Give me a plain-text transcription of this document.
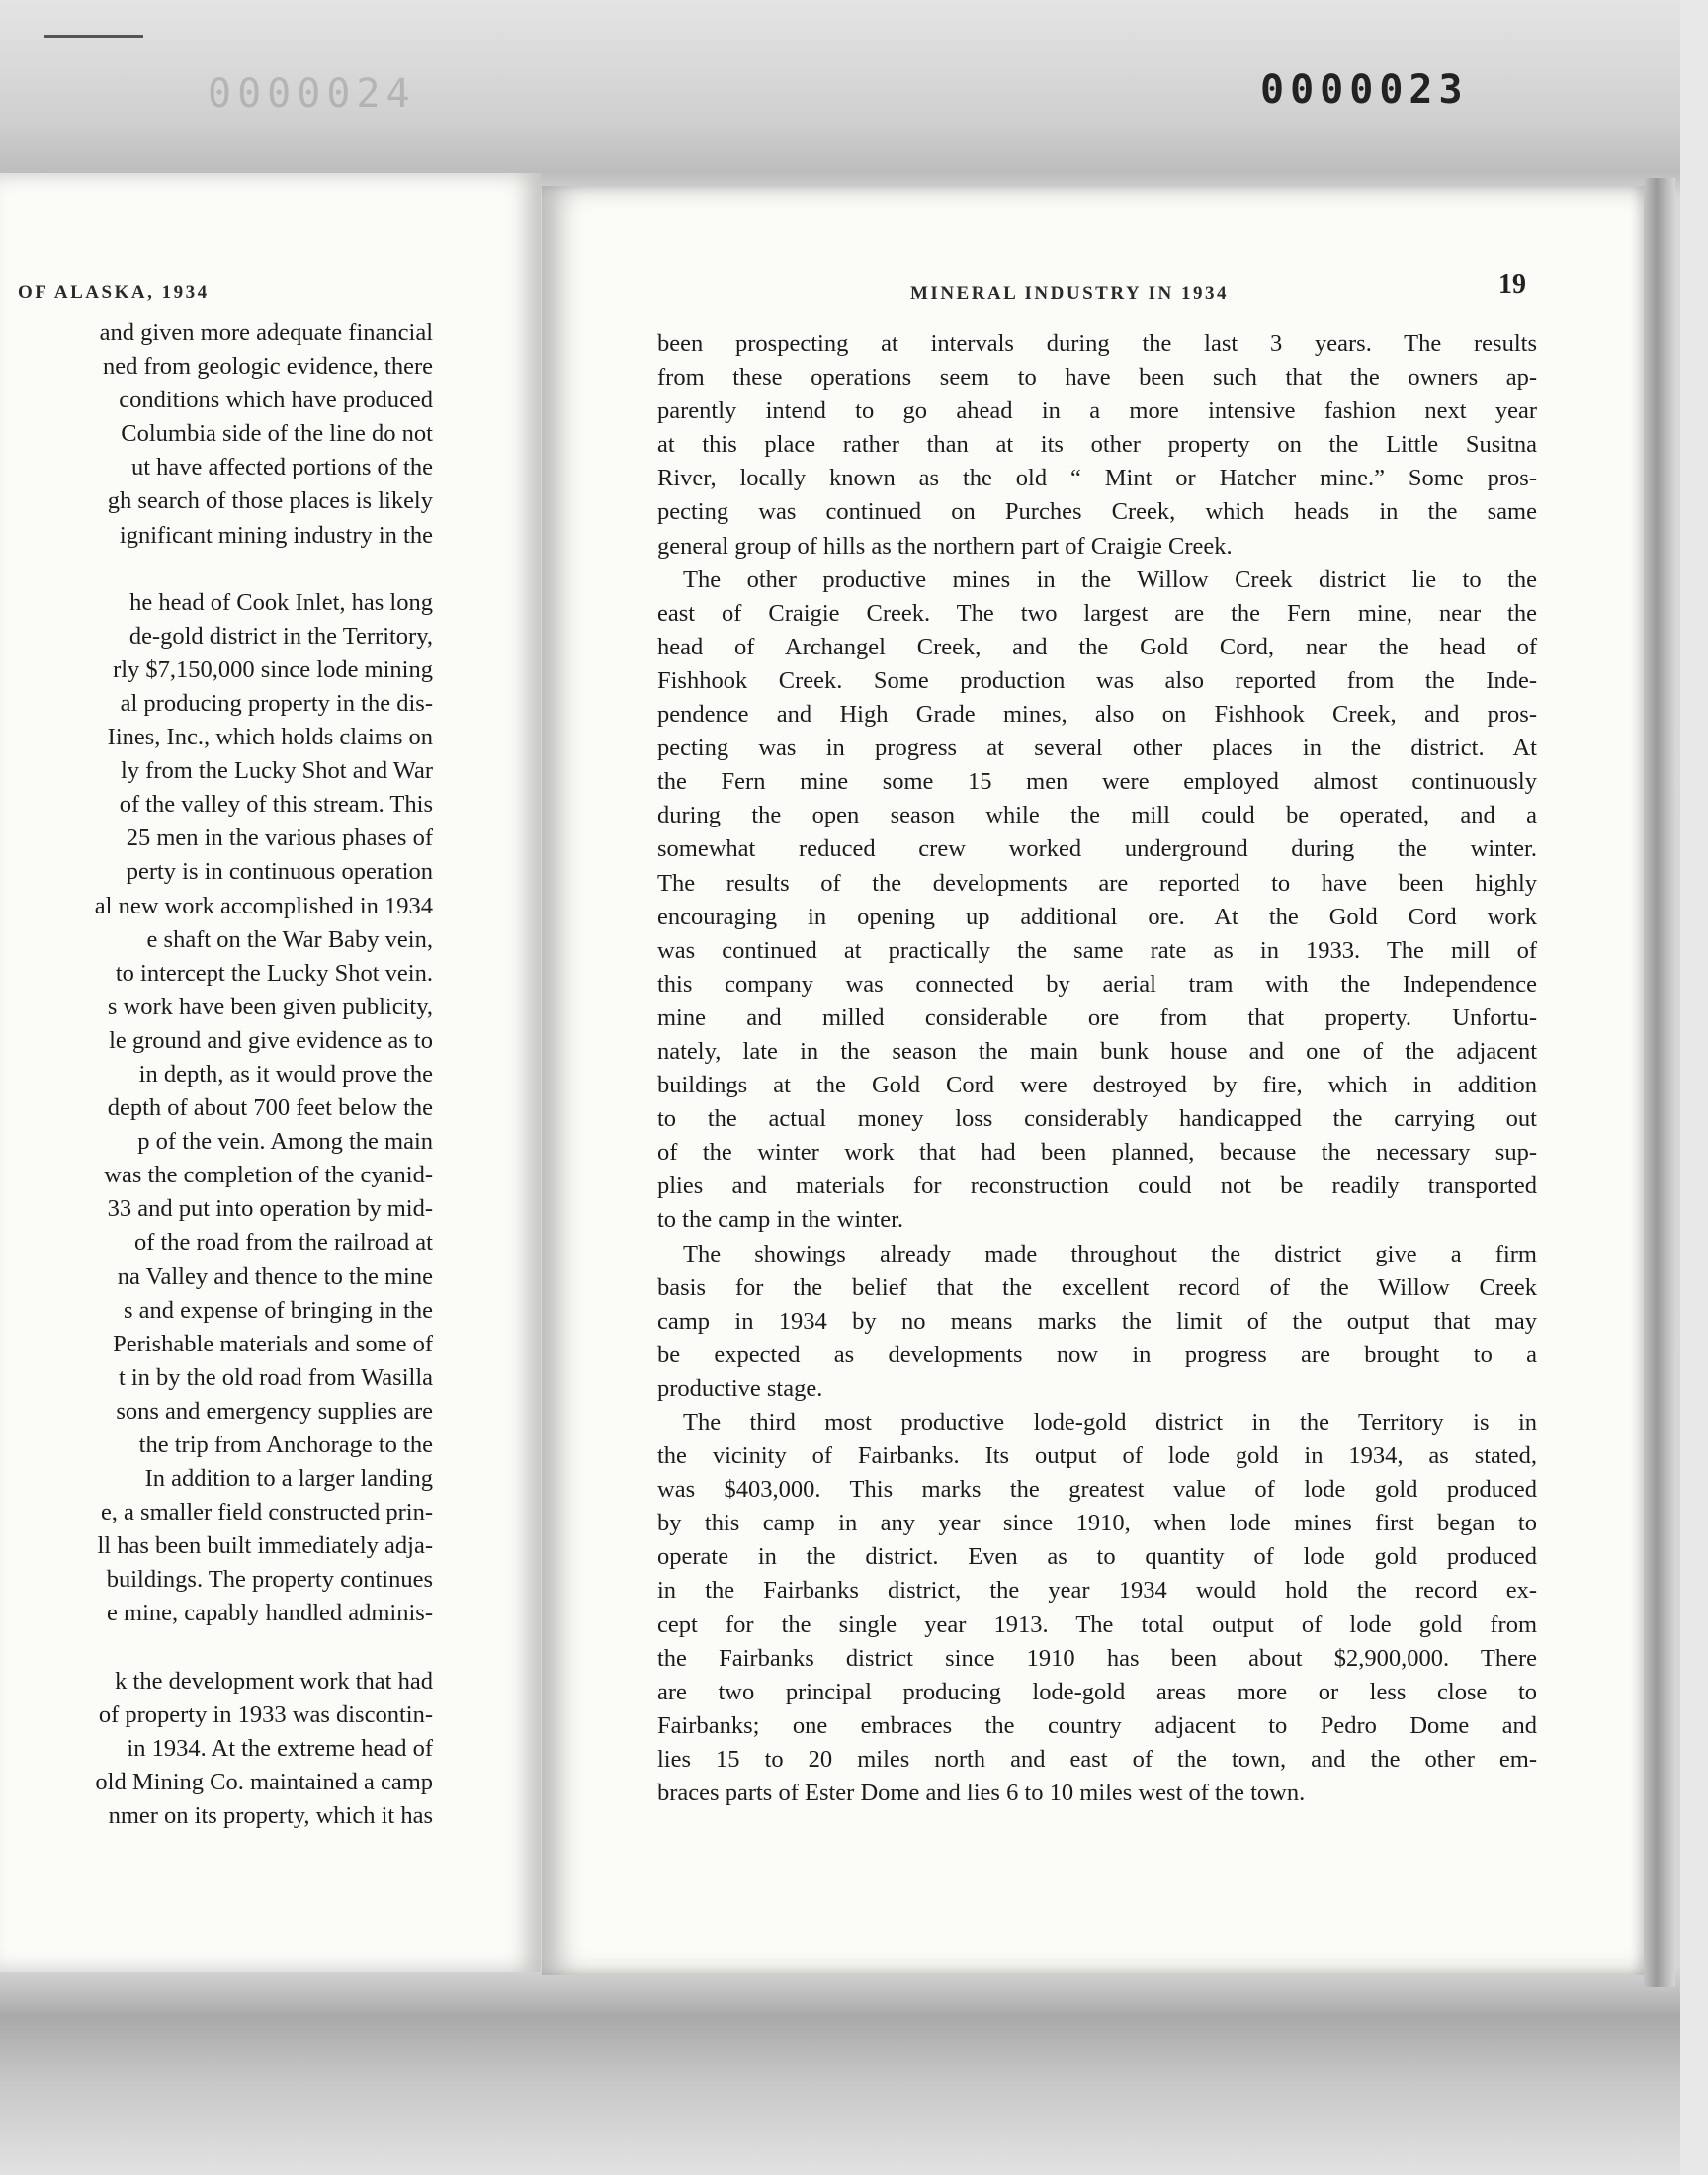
0000024	0000023
OF ALASKA, 1934
and given more adequate financial
ned from geologic evidence, there
conditions which have produced
Columbia side of the line do not
ut have affected portions of the
gh search of those places is likely
ignificant mining industry in the
he head of Cook Inlet, has long
de-gold district in the Territory,
rly $7,150,000 since lode mining
al producing property in the dis-
Iines, Inc., which holds claims on
ly from the Lucky Shot and War
of the valley of this stream. This
25 men in the various phases of
perty is in continuous operation
al new work accomplished in 1934
e shaft on the War Baby vein,
to intercept the Lucky Shot vein.
s work have been given publicity,
le ground and give evidence as to
in depth, as it would prove the
depth of about 700 feet below the
p of the vein. Among the main
was the completion of the cyanid-
33 and put into operation by mid-
of the road from the railroad at
na Valley and thence to the mine
s and expense of bringing in the
Perishable materials and some of
t in by the old road from Wasilla
sons and emergency supplies are
the trip from Anchorage to the
In addition to a larger landing
e, a smaller field constructed prin-
ll has been built immediately adja-
buildings. The property continues
e mine, capably handled adminis-
k the development work that had
of property in 1933 was discontin-
in 1934. At the extreme head of
old Mining Co. maintained a camp
nmer on its property, which it has
MINERAL INDUSTRY IN 1934	19
been prospecting at intervals during the last 3 years. The results
from these operations seem to have been such that the owners ap-
parently intend to go ahead in a more intensive fashion next year
at this place rather than at its other property on the Little Susitna
River, locally known as the old “ Mint or Hatcher mine.” Some pros-
pecting was continued on Purches Creek, which heads in the same
general group of hills as the northern part of Craigie Creek.
The other productive mines in the Willow Creek district lie to the
east of Craigie Creek. The two largest are the Fern mine, near the
head of Archangel Creek, and the Gold Cord, near the head of
Fishhook Creek. Some production was also reported from the Inde-
pendence and High Grade mines, also on Fishhook Creek, and pros-
pecting was in progress at several other places in the district. At
the Fern mine some 15 men were employed almost continuously
during the open season while the mill could be operated, and a
somewhat reduced crew worked underground during the winter.
The results of the developments are reported to have been highly
encouraging in opening up additional ore. At the Gold Cord work
was continued at practically the same rate as in 1933. The mill of
this company was connected by aerial tram with the Independence
mine and milled considerable ore from that property. Unfortu-
nately, late in the season the main bunk house and one of the adjacent
buildings at the Gold Cord were destroyed by fire, which in addition
to the actual money loss considerably handicapped the carrying out
of the winter work that had been planned, because the necessary sup-
plies and materials for reconstruction could not be readily transported
to the camp in the winter.
The showings already made throughout the district give a firm
basis for the belief that the excellent record of the Willow Creek
camp in 1934 by no means marks the limit of the output that may
be expected as developments now in progress are brought to a
productive stage.
The third most productive lode-gold district in the Territory is in
the vicinity of Fairbanks. Its output of lode gold in 1934, as stated,
was $403,000. This marks the greatest value of lode gold produced
by this camp in any year since 1910, when lode mines first began to
operate in the district. Even as to quantity of lode gold produced
in the Fairbanks district, the year 1934 would hold the record ex-
cept for the single year 1913. The total output of lode gold from
the Fairbanks district since 1910 has been about $2,900,000. There
are two principal producing lode-gold areas more or less close to
Fairbanks; one embraces the country adjacent to Pedro Dome and
lies 15 to 20 miles north and east of the town, and the other em-
braces parts of Ester Dome and lies 6 to 10 miles west of the town.
